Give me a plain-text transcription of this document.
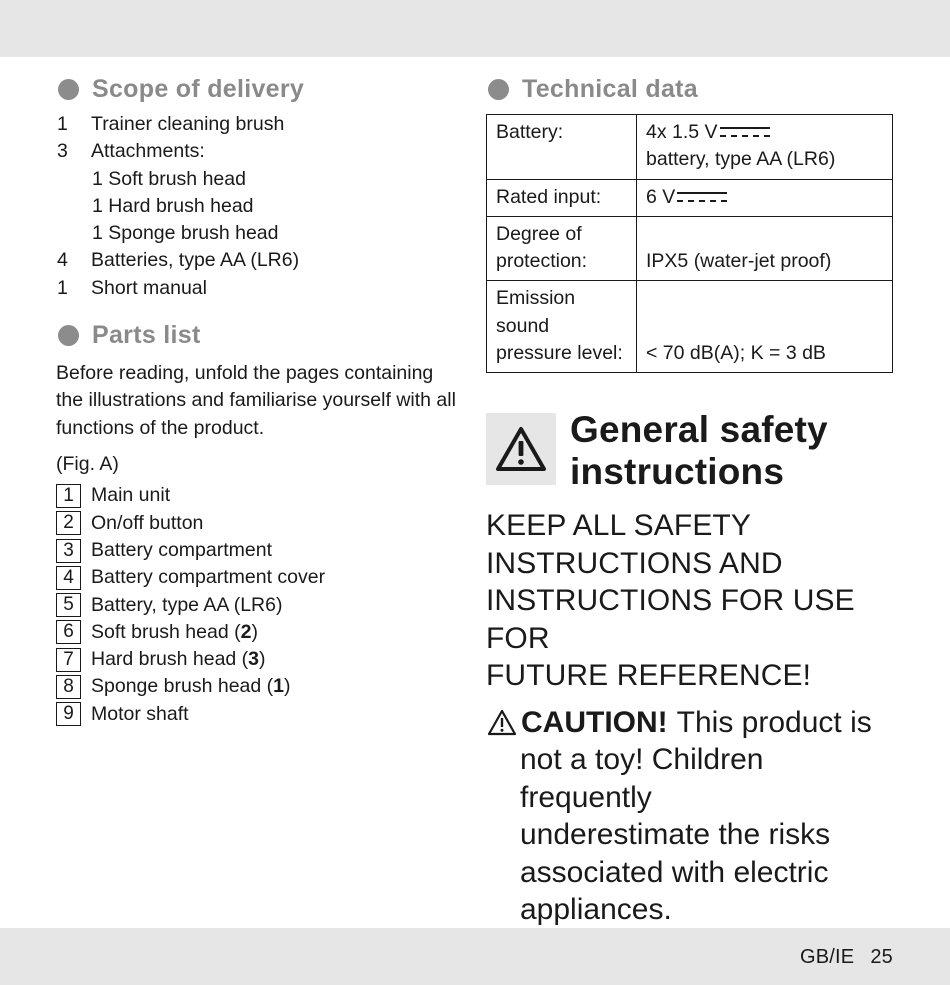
Scope of delivery
1	Trainer cleaning brush
3	Attachments:
1 Soft brush head
1 Hard brush head
1 Sponge brush head
4	Batteries, type AA (LR6)
1	Short manual
Parts list
Before reading, unfold the pages containing the illustrations and familiarise yourself with all functions of the product.
(Fig. A)
1 Main unit
2 On/off button
3 Battery compartment
4 Battery compartment cover
5 Battery, type AA (LR6)
6 Soft brush head ( 2 )
7 Hard brush head ( 3 )
8 Sponge brush head ( 1 )
9 Motor shaft
Technical data
Battery:	4x 1.5 V
battery, type AA (LR6)
Rated input:	6 V
Degree of
protection:	IPX5 (water-jet proof)
Emission sound
pressure level:	< 70 dB(A); K = 3 dB
General safety
instructions
KEEP ALL SAFETY
INSTRUCTIONS AND
INSTRUCTIONS FOR USE FOR
FUTURE REFERENCE!
CAUTION! This product is
not a toy! Children frequently
underestimate the risks
associated with electric
appliances.
GB/IE 25
